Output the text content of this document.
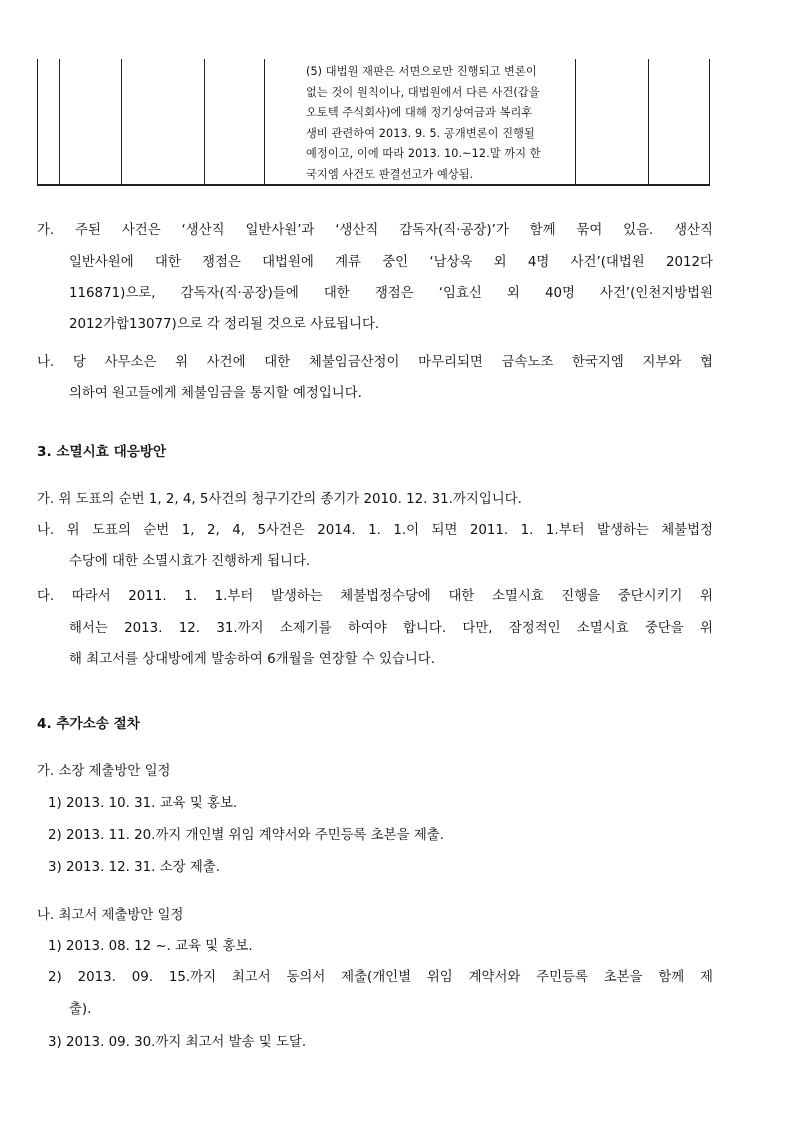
(5) 대법원 재판은 서면으로만 진행되고 변론이
없는 것이 원칙이나, 대법원에서 다른 사건(갑을
오토텍 주식회사)에 대해 정기상여금과 복리후
생비 관련하여 2013. 9. 5. 공개변론이 진행될
예정이고, 이에 따라 2013. 10.~12.말 까지 한
국지엠 사건도 판결선고가 예상됨.
가. 주된 사건은 ‘생산직 일반사원’과 ‘생산직 감독자(직·공장)’가 함께 묶여 있음. 생산직
일반사원에 대한 쟁점은 대법원에 계류 중인 ‘남상욱 외 4명 사건’(대법원 2012다
116871)으로, 감독자(직·공장)들에 대한 쟁점은 ‘임효신 외 40명 사건’(인천지방법원
2012가합13077)으로 각 정리될 것으로 사료됩니다.
나. 당 사무소은 위 사건에 대한 체불임금산정이 마무리되면 금속노조 한국지엠 지부와 협
의하여 원고들에게 체불임금을 통지할 예정입니다.
3. 소멸시효 대응방안
가. 위 도표의 순번 1, 2, 4, 5사건의 청구기간의 종기가 2010. 12. 31.까지입니다.
나. 위 도표의 순번 1, 2, 4, 5사건은 2014. 1. 1.이 되면 2011. 1. 1.부터 발생하는 체불법정
수당에 대한 소멸시효가 진행하게 됩니다.
다. 따라서 2011. 1. 1.부터 발생하는 체불법정수당에 대한 소멸시효 진행을 중단시키기 위
해서는 2013. 12. 31.까지 소제기를 하여야 합니다. 다만, 잠정적인 소멸시효 중단을 위
해 최고서를 상대방에게 발송하여 6개월을 연장할 수 있습니다.
4. 추가소송 절차
가. 소장 제출방안 일정
1) 2013. 10. 31. 교육 및 홍보.
2) 2013. 11. 20.까지 개인별 위임 계약서와 주민등록 초본을 제출.
3) 2013. 12. 31. 소장 제출.
나. 최고서 제출방안 일정
1) 2013. 08. 12 ~. 교육 및 홍보.
2) 2013. 09. 15.까지 최고서 동의서 제출(개인별 위임 계약서와 주민등록 초본을 함께 제
출).
3) 2013. 09. 30.까지 최고서 발송 및 도달.
